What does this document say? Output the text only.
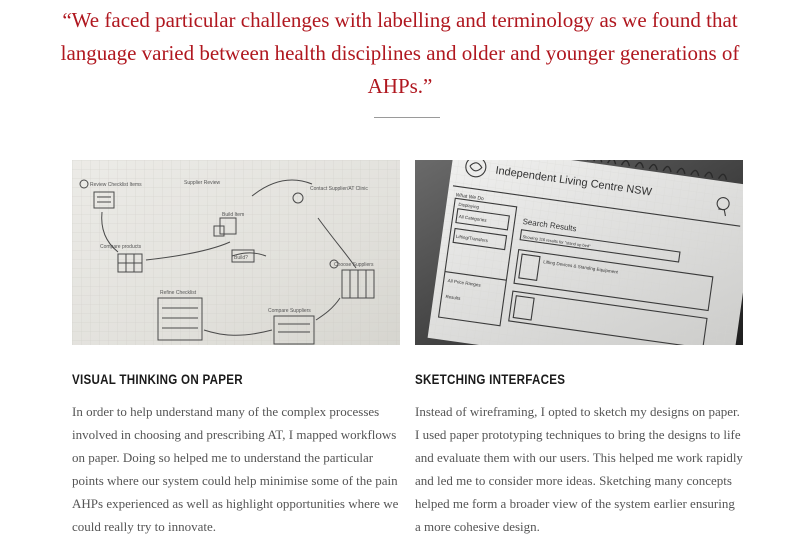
“We faced particular challenges with labelling and terminology as we found that language varied between health disciplines and older and younger generations of AHPs.”

Review Checklist Items	Supplier Review
Contact Supplier/AT Clinic
Compare products
Build Item
Choose Suppliers
Refine Checklist
Compare Suppliers
Build?
VISUAL THINKING ON PAPER

In order to help understand many of the complex processes involved in choosing and prescribing AT, I mapped workflows on paper. Doing so helped me to understand the particular points where our system could help minimise some of the pain AHPs experienced as well as highlight opportunities where we could really try to innovate.

Independent Living Centre NSW
What We Do
Search Results
Showing 116 results for "stand up bed"
Displaying
All Categories
Lifting/Transfers
All Price Ranges
Results
Lifting Devices & Standing Equipment
SKETCHING INTERFACES

Instead of wireframing, I opted to sketch my designs on paper. I used paper prototyping techniques to bring the designs to life and evaluate them with our users. This helped me work rapidly and led me to consider more ideas. Sketching many concepts helped me form a broader view of the system earlier ensuring a more cohesive design.
